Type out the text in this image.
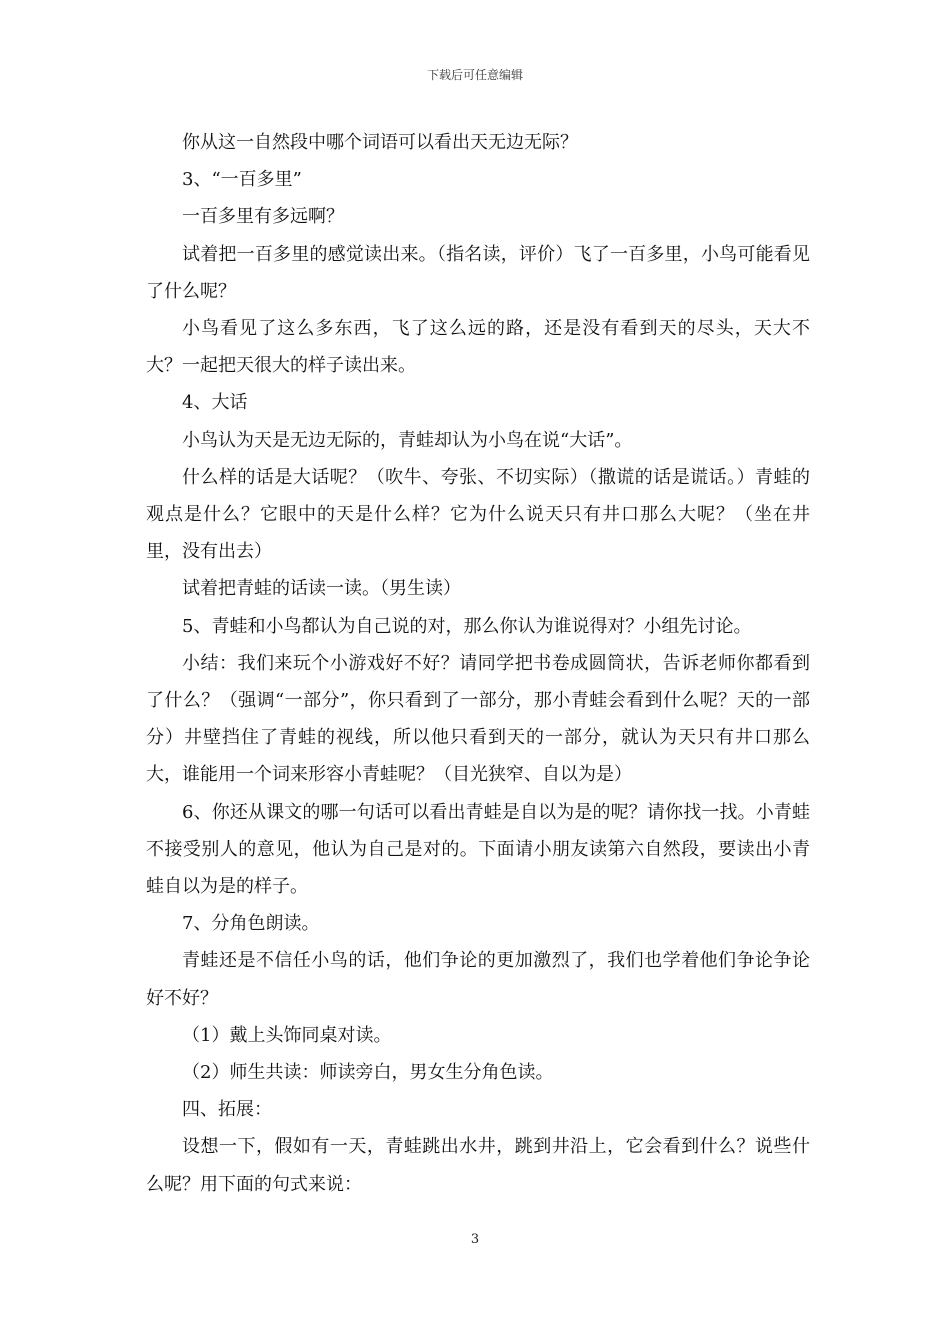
下载后可任意编辑

你从这一自然段中哪个词语可以看出天无边无际？

3、“一百多里”

一百多里有多远啊？

试着把一百多里的感觉读出来。（指名读，评价）飞了一百多里，小鸟可能看见了什么呢？

小鸟看见了这么多东西，飞了这么远的路，还是没有看到天的尽头，天大不大？一起把天很大的样子读出来。

4、大话

小鸟认为天是无边无际的，青蛙却认为小鸟在说“大话”。

什么样的话是大话呢？（吹牛、夸张、不切实际）（撒谎的话是谎话。）青蛙的观点是什么？它眼中的天是什么样？它为什么说天只有井口那么大呢？（坐在井里，没有出去）

试着把青蛙的话读一读。（男生读）

5、青蛙和小鸟都认为自己说的对，那么你认为谁说得对？小组先讨论。

小结：我们来玩个小游戏好不好？请同学把书卷成圆筒状，告诉老师你都看到了什么？（强调“一部分”，你只看到了一部分，那小青蛙会看到什么呢？天的一部分）井壁挡住了青蛙的视线，所以他只看到天的一部分，就认为天只有井口那么大，谁能用一个词来形容小青蛙呢？（目光狭窄、自以为是）

6、你还从课文的哪一句话可以看出青蛙是自以为是的呢？请你找一找。小青蛙不接受别人的意见，他认为自己是对的。下面请小朋友读第六自然段，要读出小青蛙自以为是的样子。

7、分角色朗读。

青蛙还是不信任小鸟的话，他们争论的更加激烈了，我们也学着他们争论争论好不好？

（1）戴上头饰同桌对读。

（2）师生共读：师读旁白，男女生分角色读。

四、拓展：

设想一下，假如有一天，青蛙跳出水井，跳到井沿上，它会看到什么？说些什么呢？用下面的句式来说：

3
